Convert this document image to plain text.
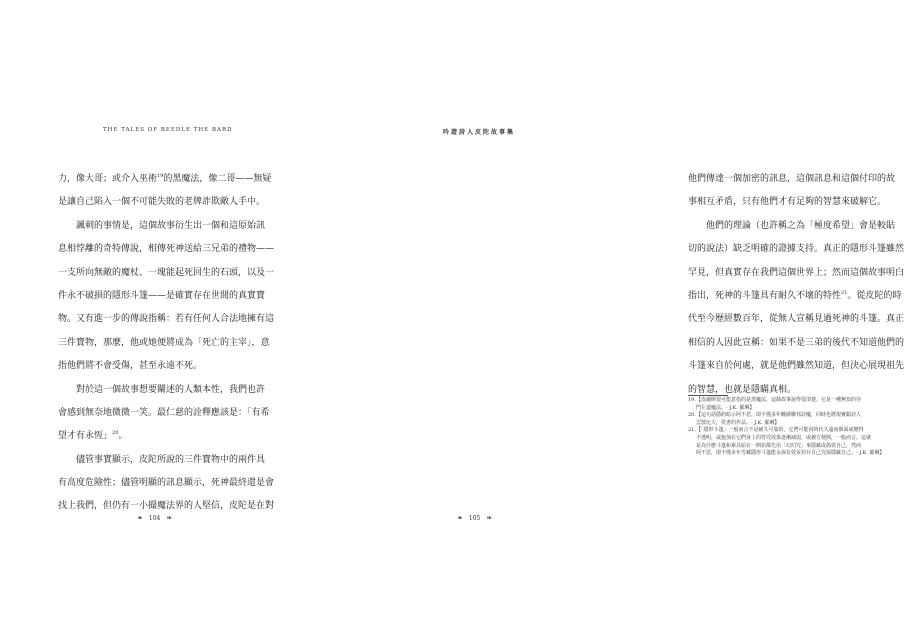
THE TALES OF BEEDLE THE BARD
力，像大哥；或介入巫術$^{19}$的黑魔法，像二哥——無疑
是讓自己陷入一個不可能失敗的老牌詐欺敵人手中。
諷刺的事情是，這個故事衍生出一個和這原始訊
息相悖離的奇特傳說，相傳死神送給三兄弟的禮物——
一支所向無敵的魔杖、一塊能起死回生的石頭，以及一
件永不破損的隱形斗篷——是確實存在世間的真實寶
物。又有進一步的傳說指稱：若有任何人合法地擁有這
三件寶物，那麼，他或她便將成為「死亡的主宰」，意
指他們將不會受傷，甚至永遠不死。
對於這一個故事想要闡述的人類本性，我們也許
會感到無奈地微微一笑。最仁慈的詮釋應該是：「有希
望才有永恆」$^{20}$。
儘管事實顯示，皮陀所說的三件寶物中的兩件具
有高度危險性；儘管明顯的訊息顯示，死神最終還是會
找上我們，但仍有一小撮魔法界的人堅信，皮陀是在對
❧ 104 ❧
吟遊詩人皮陀故事集
他們傳達一個加密的訊息，這個訊息和這個付印的故
事相互矛盾，只有他們才有足夠的智慧來破解它。
他們的理論（也許稱之為「極度希望」會是較貼
切的說法）缺乏明確的證據支持。真正的隱形斗篷雖然
罕見，但真實存在我們這個世界上；然而這個故事明白
指出，死神的斗篷具有耐久不壞的特性$^{21}$。從皮陀的時
代至今歷經數百年，從無人宣稱見過死神的斗篷。真正
相信的人因此宣稱：如果不是三弟的後代不知道他們的
斗篷來自於何處，就是他們雖然知道，但決心展現祖先
的智慧，也就是隱瞞真相。
19.【皮爾斯很可能意指的是黑魔法，這個故事說得很清楚，它是一種無知的旁
門左道魔法。- J.K. 羅琳】
20.【這句話隱約暗示阿不思，即不僅多年纏繞聯邦詩魔，同時也將現實跟詩人
雲散比大，愛書的作品。- J.K. 羅琳】
21.【「隱形斗篷」一般而言不是耐久可靠的，它們可能因時代久遠而顏面或變得
不透明，或施加在它們身上的符咒效果逐漸減弱，或被方便開，一般而言，這就
是為什麼斗篷和素具給在一開始都先用「幻幻咒」來隱藏或偽裝自己，然而
阿不思，即不僅多年雪藏隱形斗篷能永保有效並封存自己咒保隱藏自己。- J.K. 羅琳】
❧ 105 ❧
